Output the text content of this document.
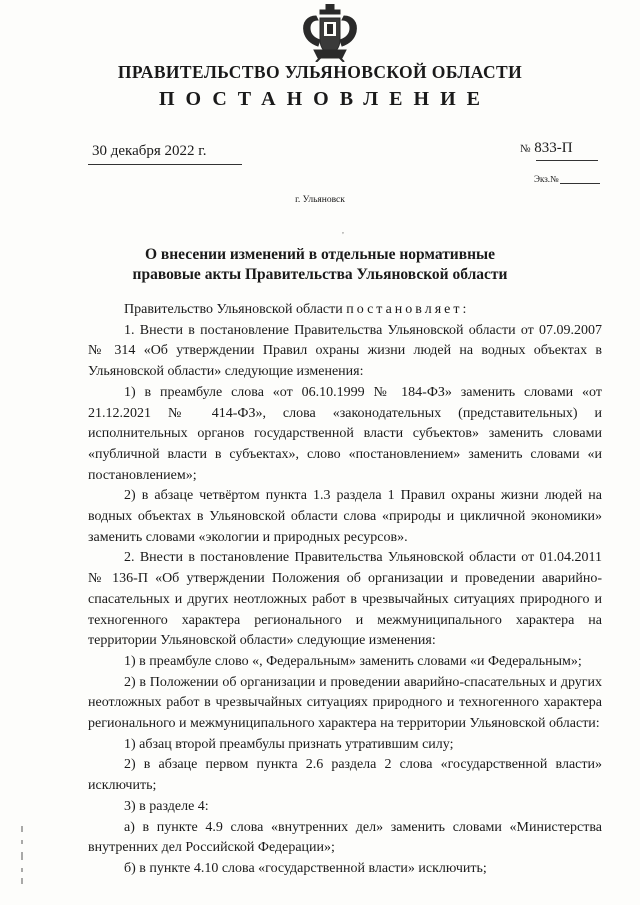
ПРАВИТЕЛЬСТВО УЛЬЯНОВСКОЙ ОБЛАСТИ
ПОСТАНОВЛЕНИЕ
30 декабря 2022 г.	№ 833-П
Экз.№
г. Ульяновск
,
О внесении изменений в отдельные нормативные
правовые акты Правительства Ульяновской области

Правительство Ульяновской области постановляет:

1. Внести в постановление Правительства Ульяновской области от 07.09.2007 № 314 «Об утверждении Правил охраны жизни людей на водных объектах в Ульяновской области» следующие изменения:

1) в преамбуле слова «от 06.10.1999 № 184-ФЗ» заменить словами «от 21.12.2021 № 414-ФЗ», слова «законодательных (представительных) и исполнительных органов государственной власти субъектов» заменить словами «публичной власти в субъектах», слово «постановлением» заменить словами «и постановлением»;

2) в абзаце четвёртом пункта 1.3 раздела 1 Правил охраны жизни людей на водных объектах в Ульяновской области слова «природы и цикличной экономики» заменить словами «экологии и природных ресурсов».

2. Внести в постановление Правительства Ульяновской области от 01.04.2011 № 136-П «Об утверждении Положения об организации и проведении аварийно-спасательных и других неотложных работ в чрезвычайных ситуациях природного и техногенного характера регионального и межмуниципального характера на территории Ульяновской области» следующие изменения:

1) в преамбуле слово «, Федеральным» заменить словами «и Федеральным»;

2) в Положении об организации и проведении аварийно-спасательных и других неотложных работ в чрезвычайных ситуациях природного и техногенного характера регионального и межмуниципального характера на территории Ульяновской области:

1) абзац второй преамбулы признать утратившим силу;

2) в абзаце первом пункта 2.6 раздела 2 слова «государственной власти» исключить;

3) в разделе 4:

а) в пункте 4.9 слова «внутренних дел» заменить словами «Министерства внутренних дел Российской Федерации»;

б) в пункте 4.10 слова «государственной власти» исключить;
